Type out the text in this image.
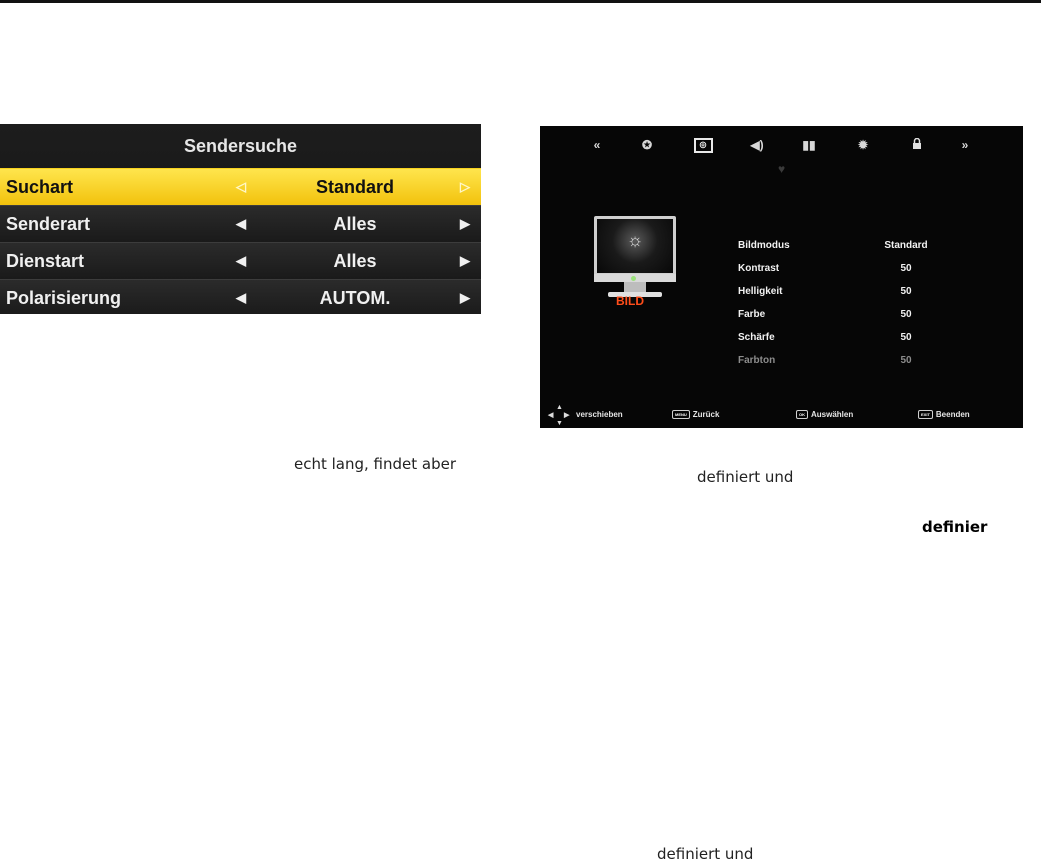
Sendersuche
Suchart	◁	Standard	▷
Senderart	◀	Alles	▶
Dienstart	◀	Alles	▶
Polarisierung	◀	AUTOM.	▶
«	✪	◎	◀)	▮▮	✹	»
♥
☼
BILD
Bildmodus	Standard
Kontrast	50
Helligkeit	50
Farbe	50
Schärfe	50
Farbton	50
▲
◀ ▶
▼
verschieben	MENU Zurück	OK Auswählen	EXIT Beenden
echt lang, findet aber
definiert und
definier
definiert und
